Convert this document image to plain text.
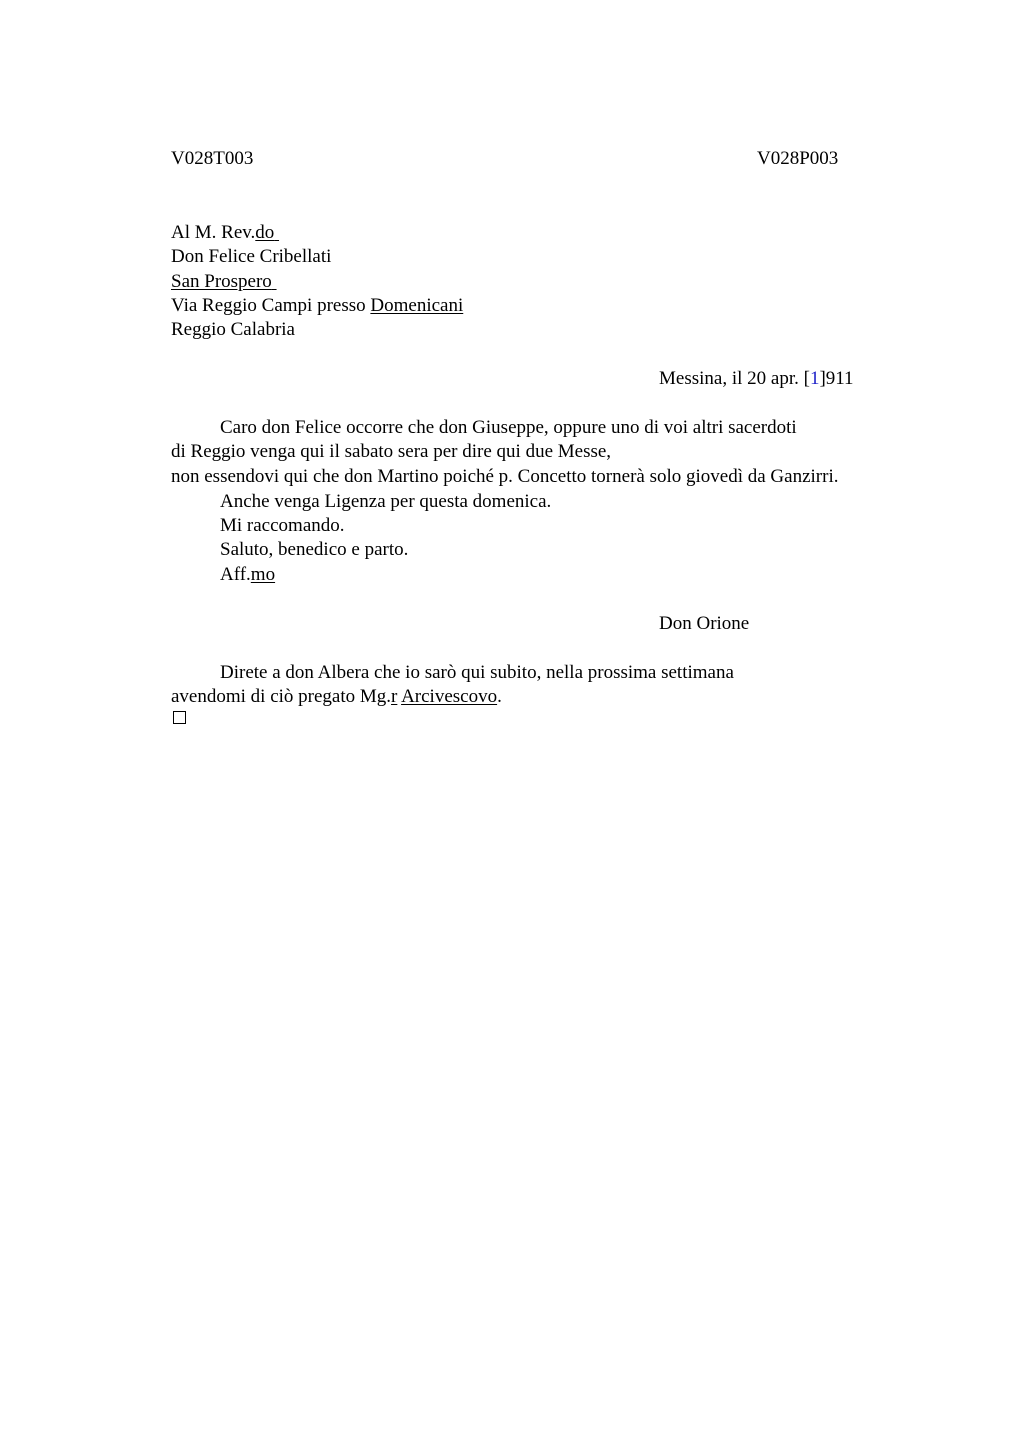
V028T003	V028P003
Al M. Rev.do
Don Felice Cribellati
San Prospero
Via Reggio Campi presso Domenicani
Reggio Calabria
Messina, il 20 apr. [1]911
Caro don Felice occorre che don Giuseppe, oppure uno di voi altri sacerdoti
di Reggio venga qui il sabato sera per dire qui due Messe,
non essendovi qui che don Martino poiché p. Concetto tornerà solo giovedì da Ganzirri.
Anche venga Ligenza per questa domenica.
Mi raccomando.
Saluto, benedico e parto.
Aff.mo
Don Orione
Direte a don Albera che io sarò qui subito, nella prossima settimana
avendomi di ciò pregato Mg.r Arcivescovo.
